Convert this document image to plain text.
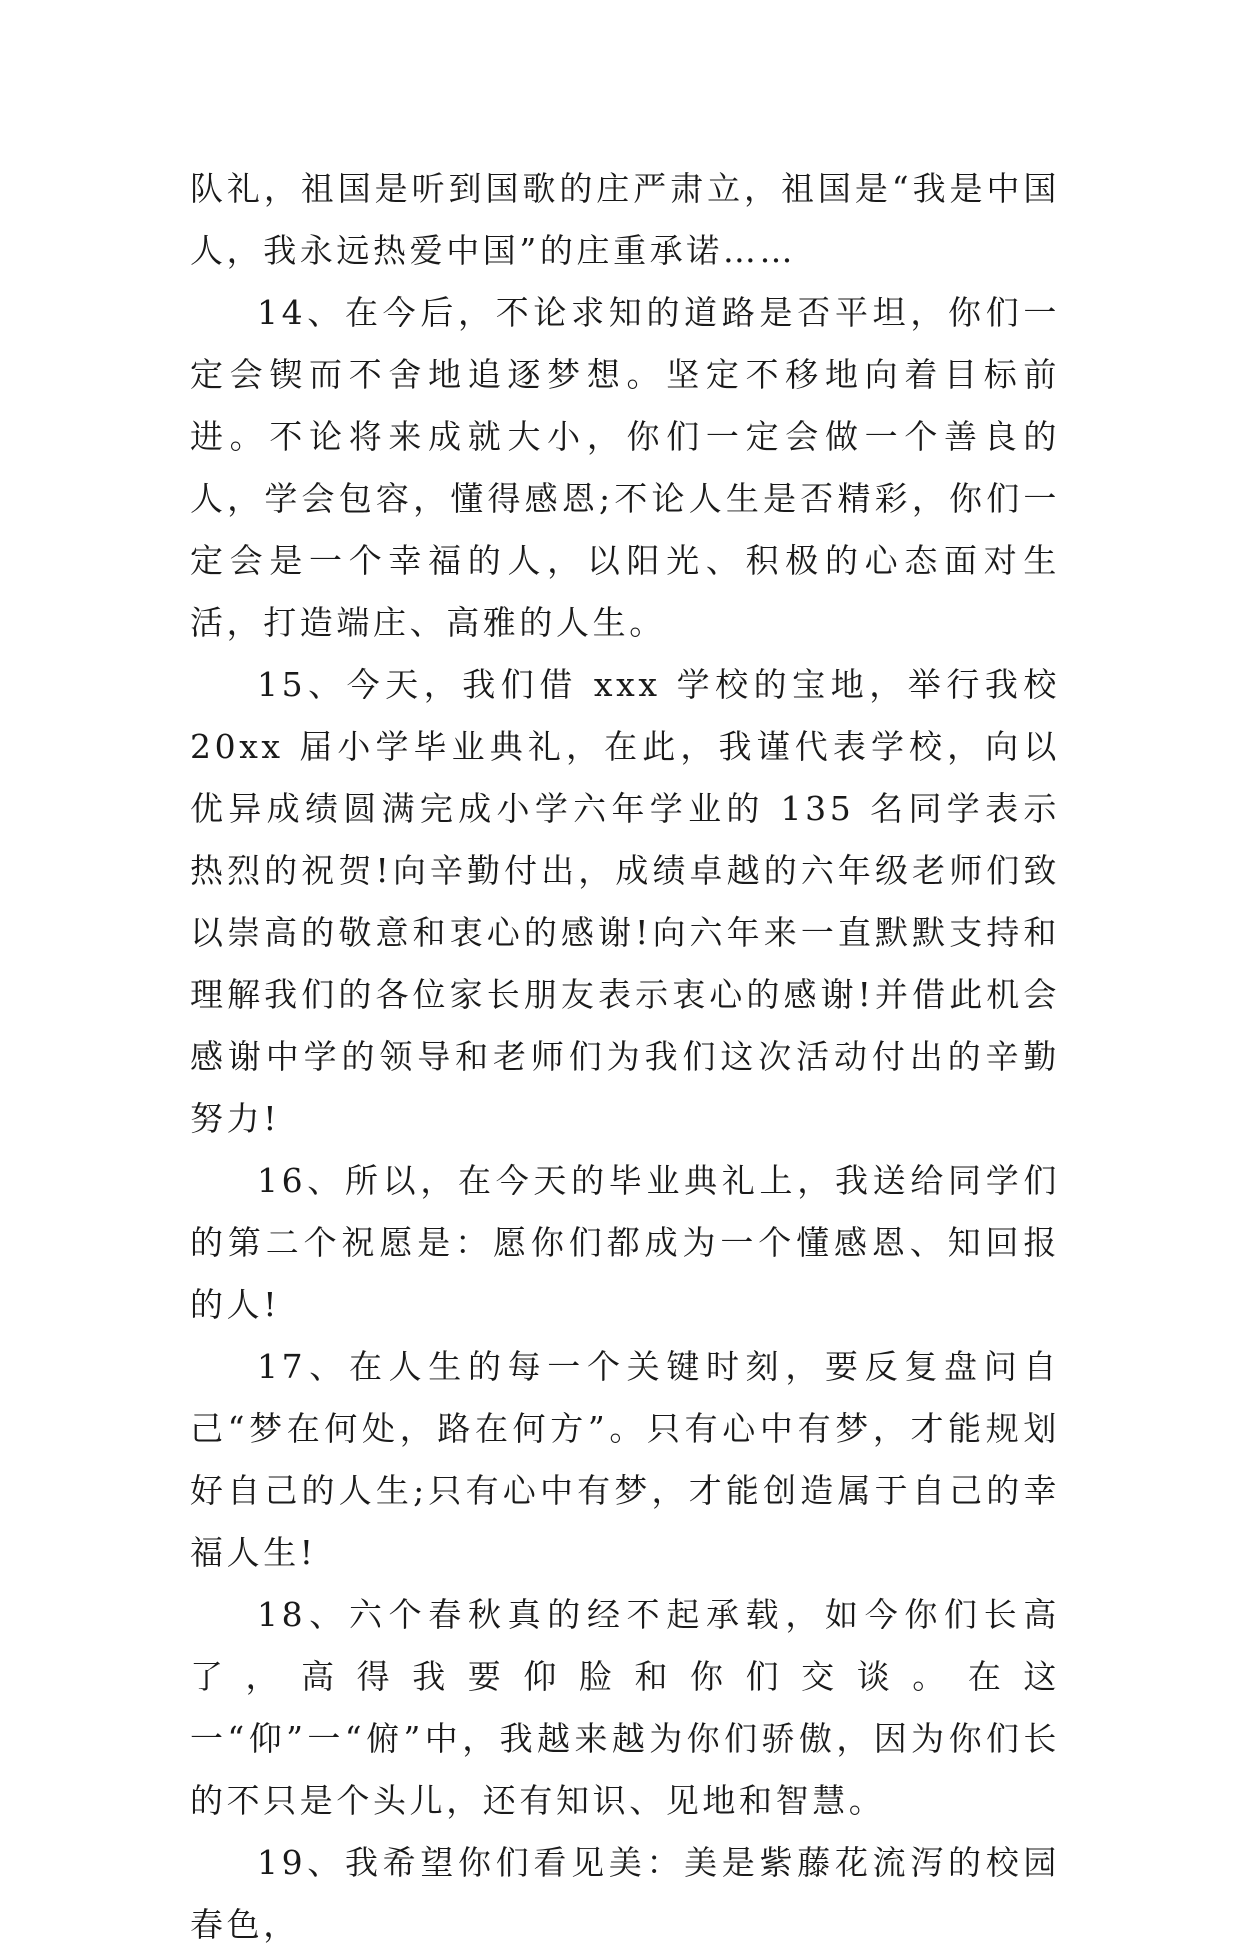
队礼，祖国是听到国歌的庄严肃立，祖国是“我是中国人，我永远热爱中国”的庄重承诺……

14、在今后，不论求知的道路是否平坦，你们一定会锲而不舍地追逐梦想。坚定不移地向着目标前进。不论将来成就大小，你们一定会做一个善良的人，学会包容，懂得感恩;不论人生是否精彩，你们一定会是一个幸福的人，以阳光、积极的心态面对生活，打造端庄、高雅的人生。

15、今天，我们借 xxx 学校的宝地，举行我校 20xx 届小学毕业典礼，在此，我谨代表学校，向以优异成绩圆满完成小学六年学业的 135 名同学表示热烈的祝贺!向辛勤付出，成绩卓越的六年级老师们致以崇高的敬意和衷心的感谢!向六年来一直默默支持和理解我们的各位家长朋友表示衷心的感谢!并借此机会感谢中学的领导和老师们为我们这次活动付出的辛勤努力!

16、所以，在今天的毕业典礼上，我送给同学们的第二个祝愿是：愿你们都成为一个懂感恩、知回报的人!

17、在人生的每一个关键时刻，要反复盘问自己“梦在何处，路在何方”。只有心中有梦，才能规划好自己的人生;只有心中有梦，才能创造属于自己的幸福人生!

18、六个春秋真的经不起承载，如今你们长高了，高得我要仰脸和你们交谈。在这一“仰”一“俯”中，我越来越为你们骄傲，因为你们长的不只是个头儿，还有知识、见地和智慧。

19、我希望你们看见美：美是紫藤花流泻的校园春色，
